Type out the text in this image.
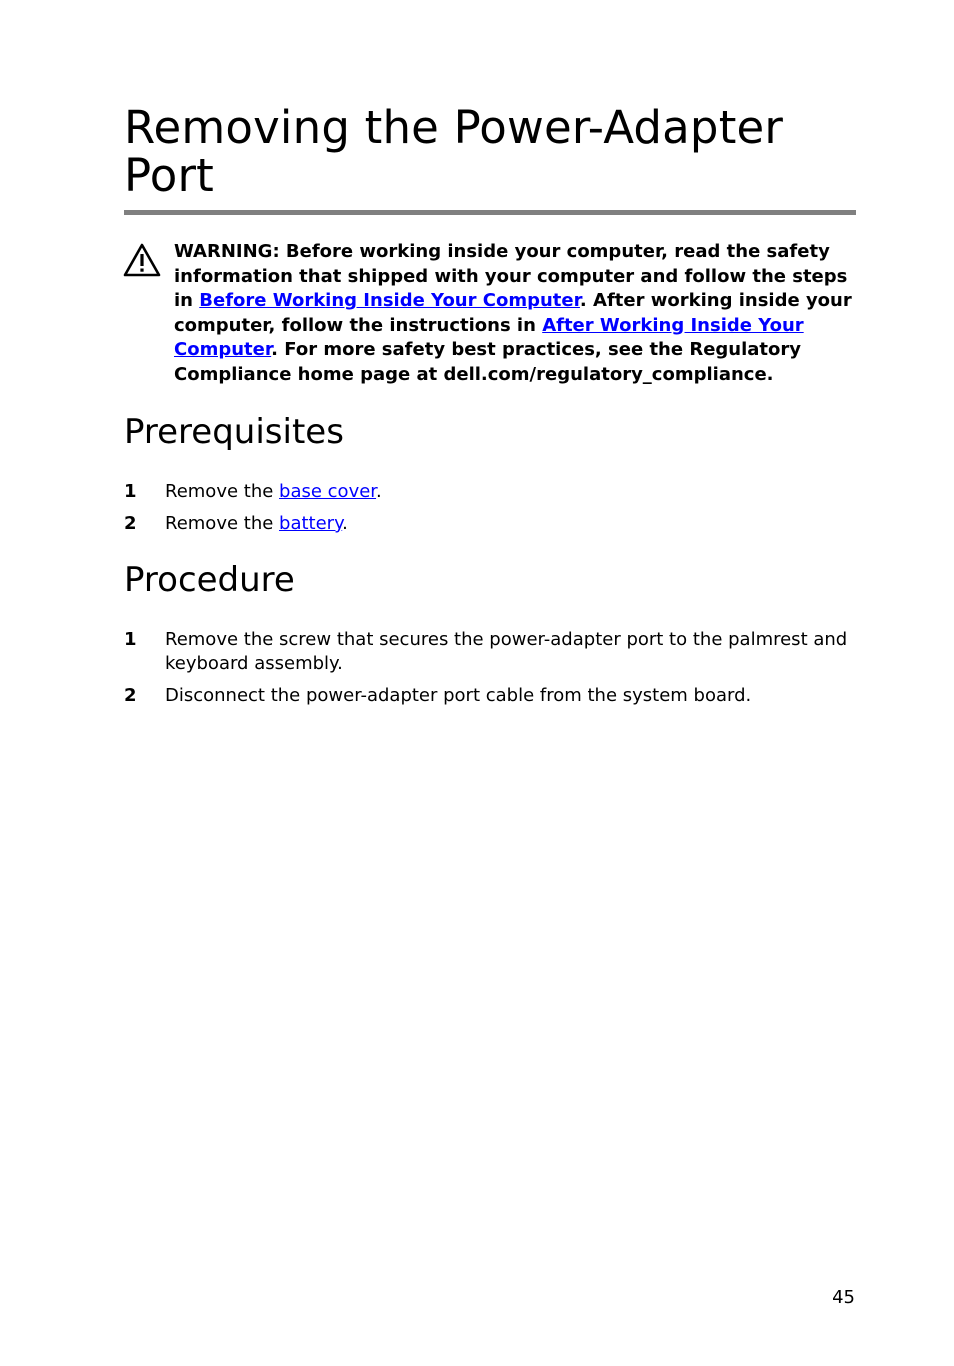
Removing the Power-Adapter Port
WARNING: Before working inside your computer, read the safety information that shipped with your computer and follow the steps in Before Working Inside Your Computer. After working inside your computer, follow the instructions in After Working Inside Your Computer. For more safety best practices, see the Regulatory Compliance home page at dell.com/regulatory_compliance.
Prerequisites
1 Remove the base cover.
2 Remove the battery.
Procedure
1 Remove the screw that secures the power-adapter port to the palmrest and keyboard assembly.
2 Disconnect the power-adapter port cable from the system board.
45
